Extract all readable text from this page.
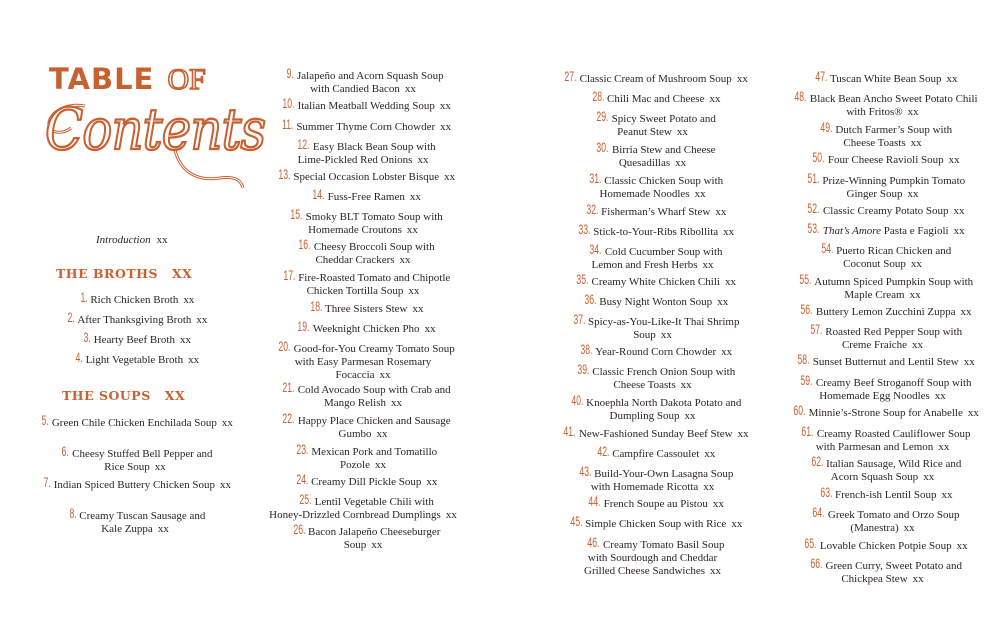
TABLE OF
Contents
Introduction xx
THE BROTHS XX
THE SOUPS XX
1. Rich Chicken Broth xx
2. After Thanksgiving Broth xx
3. Hearty Beef Broth xx
4. Light Vegetable Broth xx
5. Green Chile Chicken Enchilada Soup xx
6. Cheesy Stuffed Bell Pepper and
Rice Soup xx
7. Indian Spiced Buttery Chicken Soup xx
8. Creamy Tuscan Sausage and
Kale Zuppa xx
9. Jalapeño and Acorn Squash Soup
with Candied Bacon xx
10. Italian Meatball Wedding Soup xx
11. Summer Thyme Corn Chowder xx
12. Easy Black Bean Soup with
Lime-Pickled Red Onions xx
13. Special Occasion Lobster Bisque xx
14. Fuss-Free Ramen xx
15. Smoky BLT Tomato Soup with
Homemade Croutons xx
16. Cheesy Broccoli Soup with
Cheddar Crackers xx
17. Fire-Roasted Tomato and Chipotle
Chicken Tortilla Soup xx
18. Three Sisters Stew xx
19. Weeknight Chicken Pho xx
20. Good-for-You Creamy Tomato Soup
with Easy Parmesan Rosemary
Focaccia xx
21. Cold Avocado Soup with Crab and
Mango Relish xx
22. Happy Place Chicken and Sausage
Gumbo xx
23. Mexican Pork and Tomatillo
Pozole xx
24. Creamy Dill Pickle Soup xx
25. Lentil Vegetable Chili with
Honey-Drizzled Cornbread Dumplings xx
26. Bacon Jalapeño Cheeseburger
Soup xx
27. Classic Cream of Mushroom Soup xx
28. Chili Mac and Cheese xx
29. Spicy Sweet Potato and
Peanut Stew xx
30. Birria Stew and Cheese
Quesadillas xx
31. Classic Chicken Soup with
Homemade Noodles xx
32. Fisherman’s Wharf Stew xx
33. Stick-to-Your-Ribs Ribollita xx
34. Cold Cucumber Soup with
Lemon and Fresh Herbs xx
35. Creamy White Chicken Chili xx
36. Busy Night Wonton Soup xx
37. Spicy-as-You-Like-It Thai Shrimp
Soup xx
38. Year-Round Corn Chowder xx
39. Classic French Onion Soup with
Cheese Toasts xx
40. Knoephla North Dakota Potato and
Dumpling Soup xx
41. New-Fashioned Sunday Beef Stew xx
42. Campfire Cassoulet xx
43. Build-Your-Own Lasagna Soup
with Homemade Ricotta xx
44. French Soupe au Pistou xx
45. Simple Chicken Soup with Rice xx
46. Creamy Tomato Basil Soup
with Sourdough and Cheddar
Grilled Cheese Sandwiches xx
47. Tuscan White Bean Soup xx
48. Black Bean Ancho Sweet Potato Chili
with Fritos® xx
49. Dutch Farmer’s Soup with
Cheese Toasts xx
50. Four Cheese Ravioli Soup xx
51. Prize-Winning Pumpkin Tomato
Ginger Soup xx
52. Classic Creamy Potato Soup xx
53. That’s Amore Pasta e Fagioli xx
54. Puerto Rican Chicken and
Coconut Soup xx
55. Autumn Spiced Pumpkin Soup with
Maple Cream xx
56. Buttery Lemon Zucchini Zuppa xx
57. Roasted Red Pepper Soup with
Creme Fraiche xx
58. Sunset Butternut and Lentil Stew xx
59. Creamy Beef Stroganoff Soup with
Homemade Egg Noodles xx
60. Minnie’s-Strone Soup for Anabelle xx
61. Creamy Roasted Cauliflower Soup
with Parmesan and Lemon xx
62. Italian Sausage, Wild Rice and
Acorn Squash Soup xx
63. French-ish Lentil Soup xx
64. Greek Tomato and Orzo Soup
(Manestra) xx
65. Lovable Chicken Potpie Soup xx
66. Green Curry, Sweet Potato and
Chickpea Stew xx
